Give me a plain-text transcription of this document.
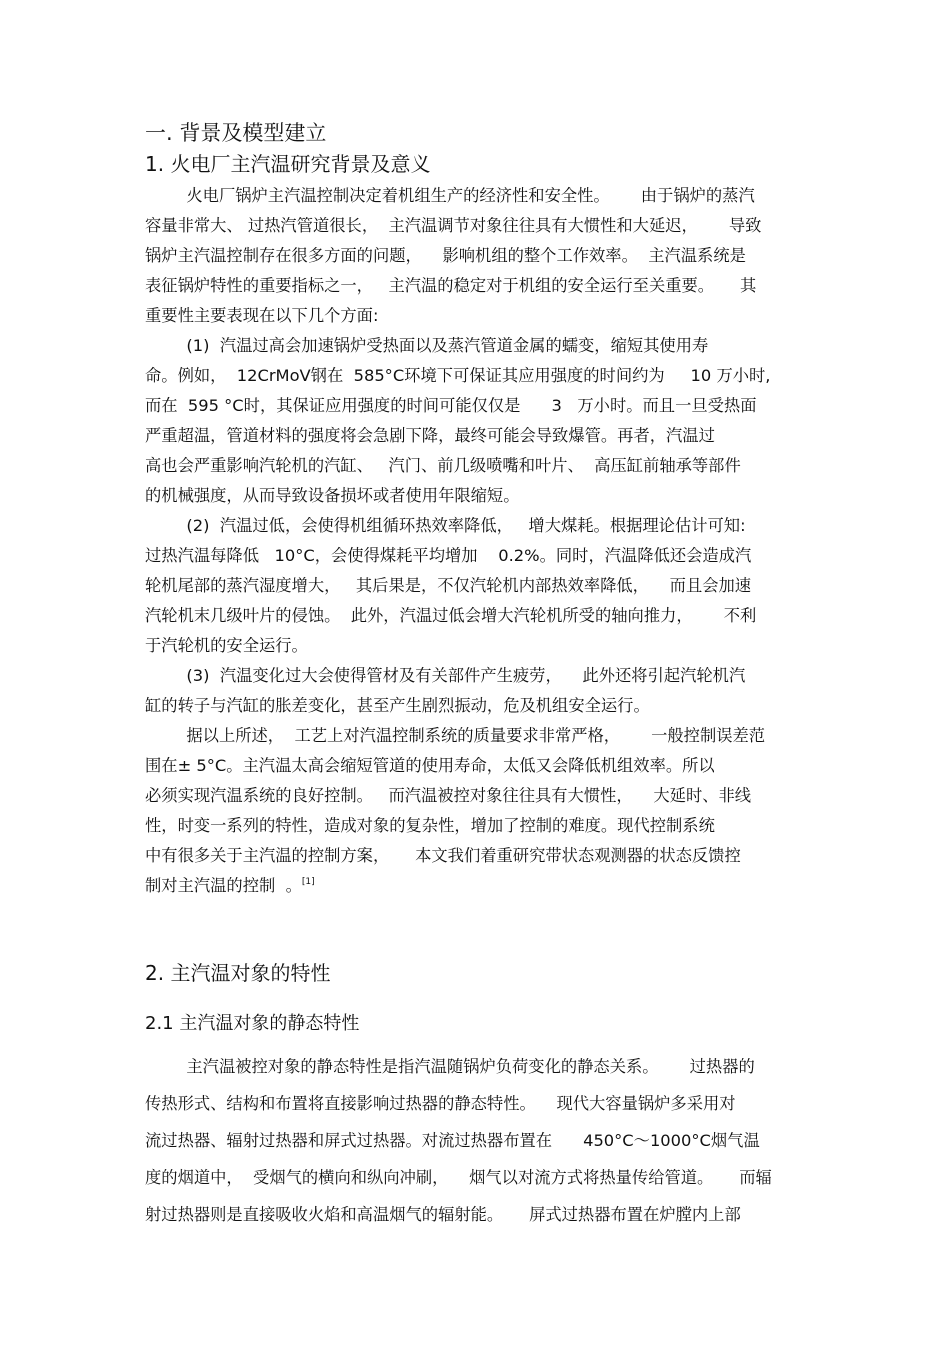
一. 背景及模型建立
1. 火电厂主汽温研究背景及意义
火电厂锅炉主汽温控制决定着机组生产的经济性和安全性。      由于锅炉的蒸汽
容量非常大、 过热汽管道很长，  主汽温调节对象往往具有大惯性和大延迟，      导致
锅炉主汽温控制存在很多方面的问题，    影响机组的整个工作效率。  主汽温系统是
表征锅炉特性的重要指标之一，   主汽温的稳定对于机组的安全运行至关重要。     其
重要性主要表现在以下几个方面:
(1)  汽温过高会加速锅炉受热面以及蒸汽管道金属的蠕变，缩短其使用寿
命。例如，  12CrMoV钢在  585°C环境下可保证其应用强度的时间约为     10 万小时,
而在  595 °C时，其保证应用强度的时间可能仅仅是      3   万小时。而且一旦受热面
严重超温，管道材料的强度将会急剧下降，最终可能会导致爆管。再者，汽温过
高也会严重影响汽轮机的汽缸、   汽门、前几级喷嘴和叶片、  高压缸前轴承等部件
的机械强度，从而导致设备损坏或者使用年限缩短。
(2)  汽温过低，会使得机组循环热效率降低，   增大煤耗。根据理论估计可知:
过热汽温每降低   10°C，会使得煤耗平均增加    0.2%。同时，汽温降低还会造成汽
轮机尾部的蒸汽湿度增大，   其后果是，不仅汽轮机内部热效率降低，    而且会加速
汽轮机末几级叶片的侵蚀。  此外，汽温过低会增大汽轮机所受的轴向推力，      不利
于汽轮机的安全运行。
(3)  汽温变化过大会使得管材及有关部件产生疲劳，    此外还将引起汽轮机汽
缸的转子与汽缸的胀差变化，甚至产生剧烈振动，危及机组安全运行。
据以上所述，  工艺上对汽温控制系统的质量要求非常严格，      一般控制误差范
围在± 5°C。主汽温太高会缩短管道的使用寿命，太低又会降低机组效率。所以
必须实现汽温系统的良好控制。   而汽温被控对象往往具有大惯性，    大延时、非线
性，时变一系列的特性，造成对象的复杂性，增加了控制的难度。现代控制系统
中有很多关于主汽温的控制方案，     本文我们着重研究带状态观测器的状态反馈控
制对主汽温的控制  。[1]
2. 主汽温对象的特性
2.1 主汽温对象的静态特性
主汽温被控对象的静态特性是指汽温随锅炉负荷变化的静态关系。      过热器的
传热形式、结构和布置将直接影响过热器的静态特性。    现代大容量锅炉多采用对
流过热器、辐射过热器和屏式过热器。对流过热器布置在      450°C～1000°C烟气温
度的烟道中，  受烟气的横向和纵向冲刷，    烟气以对流方式将热量传给管道。     而辐
射过热器则是直接吸收火焰和高温烟气的辐射能。     屏式过热器布置在炉膛内上部
